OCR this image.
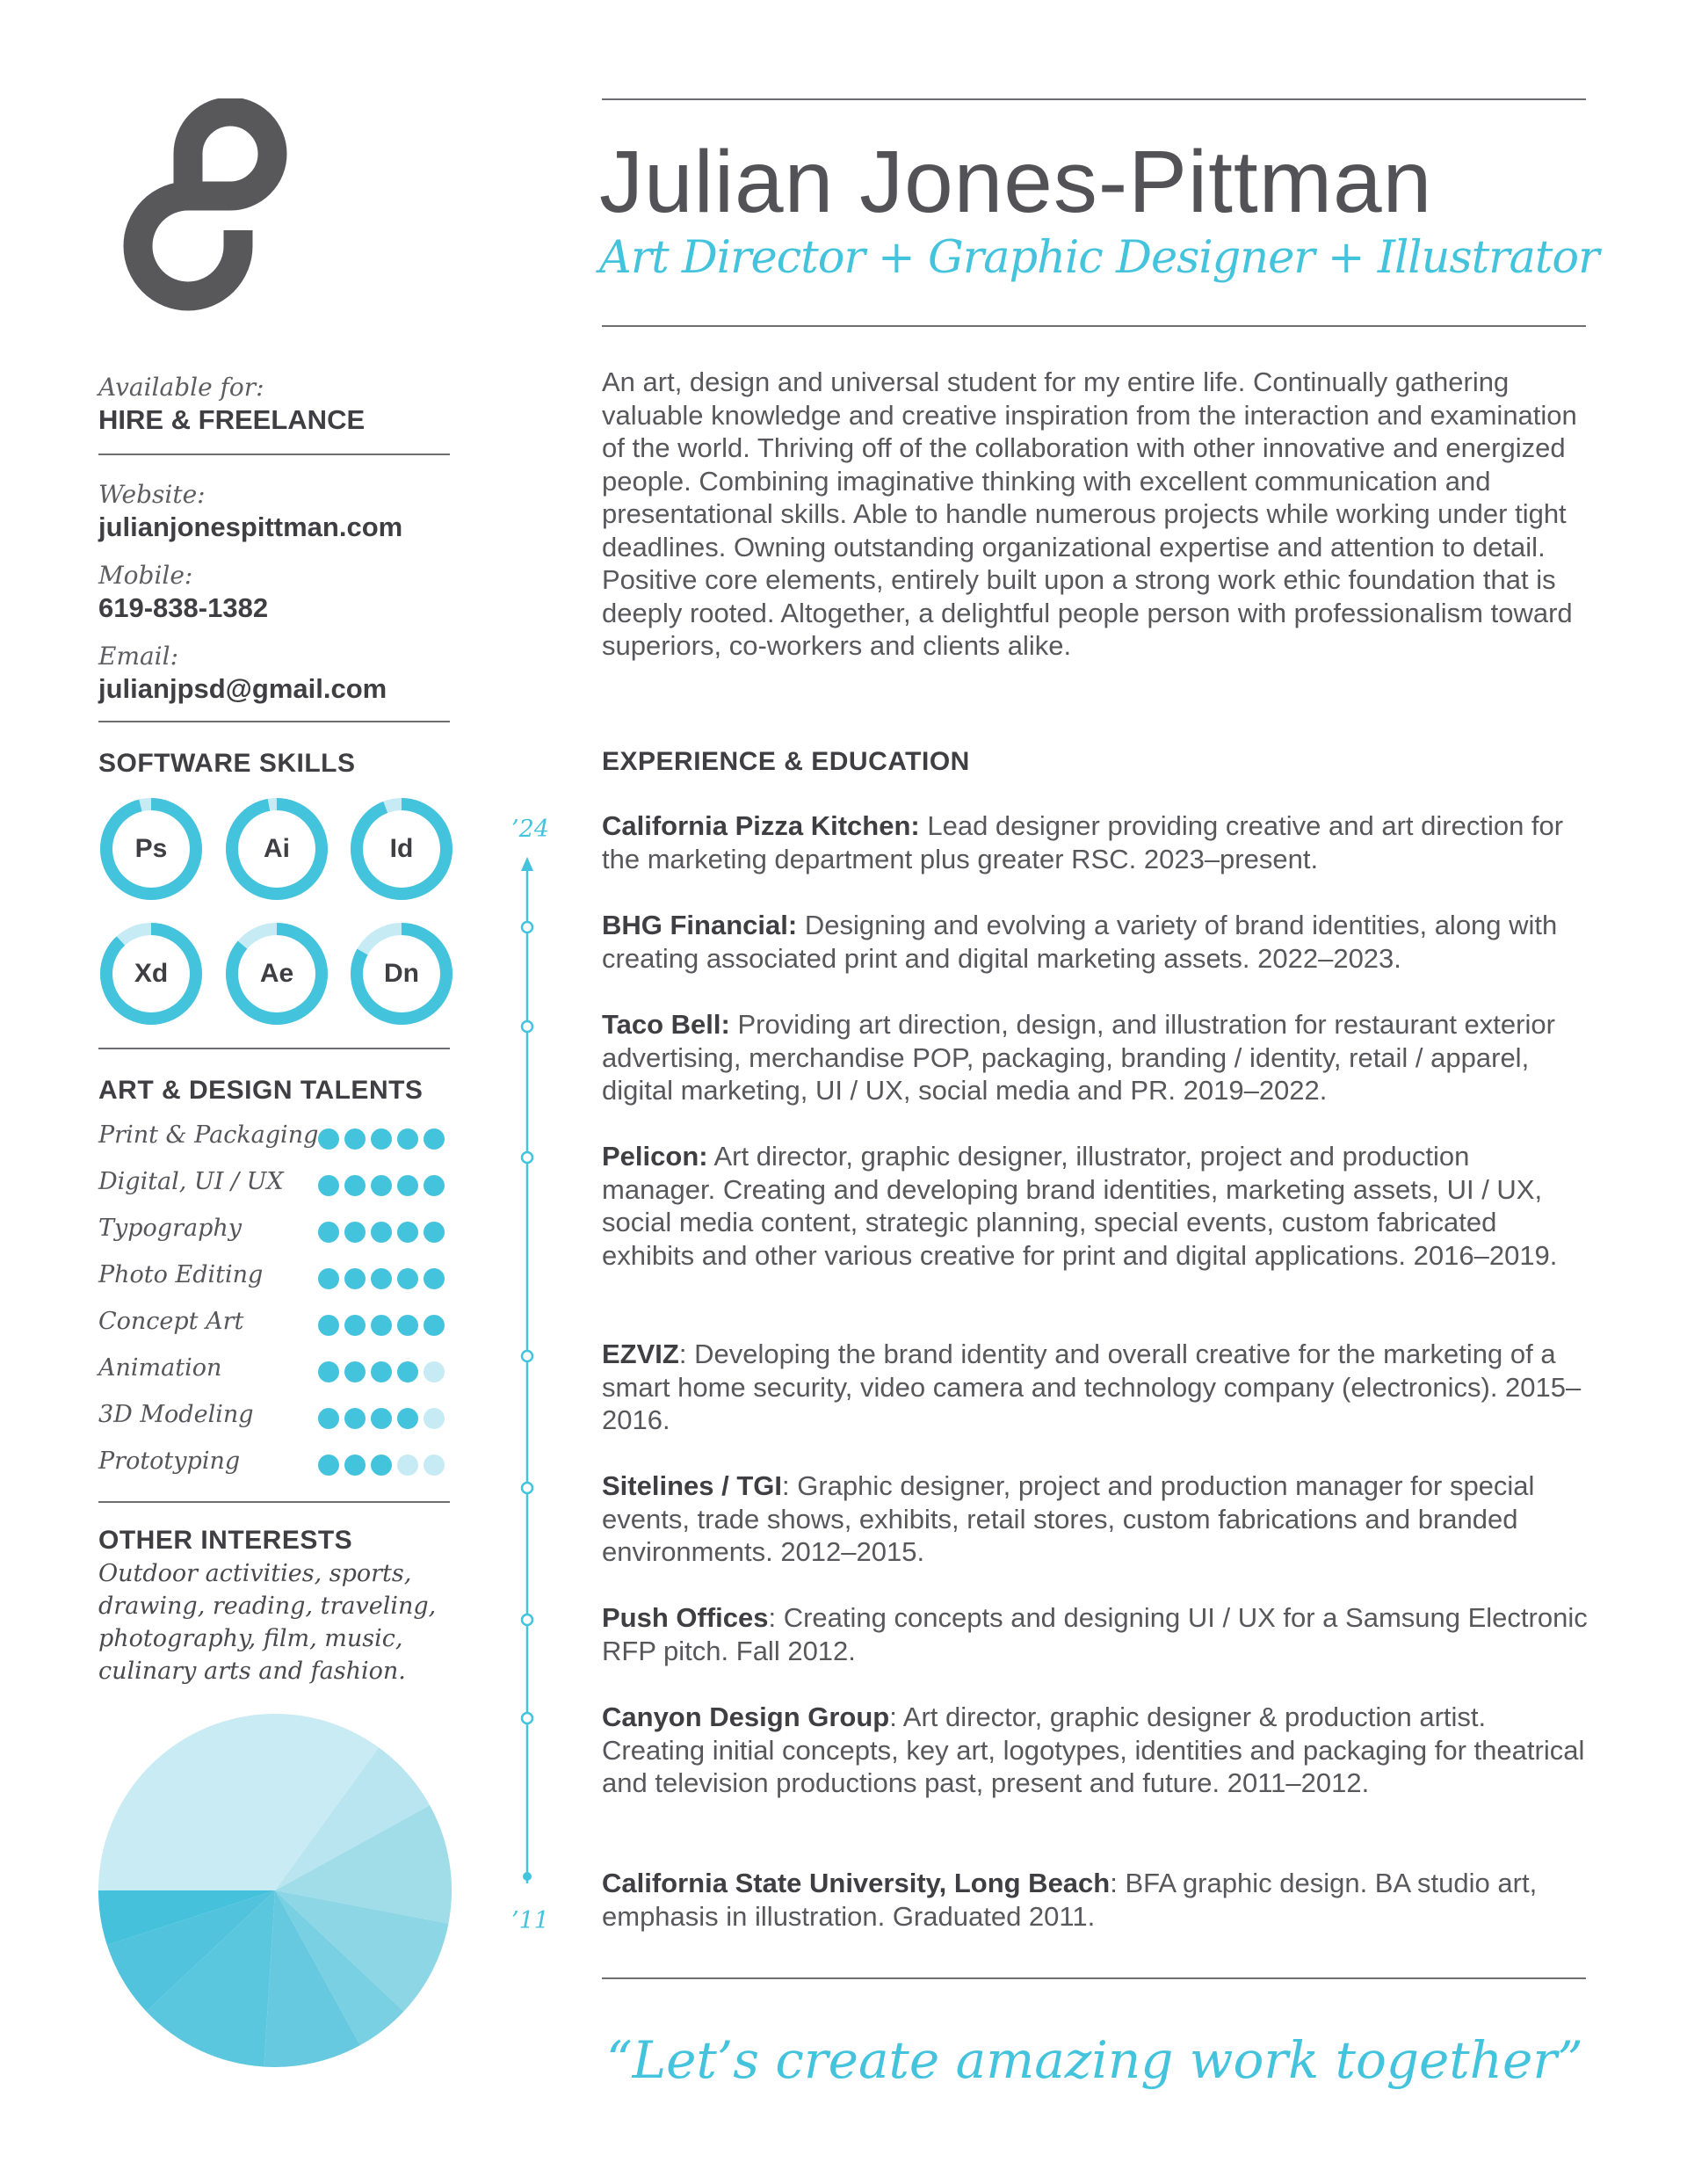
Available for:
HIRE & FREELANCE
Website:
julianjonespittman.com
Mobile:
619-838-1382
Email:
julianjpsd@gmail.com
SOFTWARE SKILLS
Ps	Ai	Id
Xd	Ae	Dn
ART & DESIGN TALENTS
Print & Packaging
Digital, UI / UX
Typography
Photo Editing
Concept Art
Animation
3D Modeling
Prototyping
OTHER INTERESTS
Outdoor activities, sports, drawing, reading, traveling, photography, film, music, culinary arts and fashion.
Julian Jones-Pittman
Art Director + Graphic Designer + Illustrator
An art, design and universal student for my entire life. Continually gathering valuable knowledge and creative inspiration from the interaction and examination of the world. Thriving off of the collaboration with other innovative and energized people. Combining imaginative thinking with excellent communication and presentational skills. Able to handle numerous projects while working under tight deadlines. Owning outstanding organizational expertise and attention to detail. Positive core elements, entirely built upon a strong work ethic foundation that is deeply rooted. Altogether, a delightful people person with professionalism toward superiors, co-workers and clients alike.
EXPERIENCE & EDUCATION
’24
’11
California Pizza Kitchen: Lead designer providing creative and art direction for the marketing department plus greater RSC. 2023–present.
BHG Financial: Designing and evolving a variety of brand identities, along with creating associated print and digital marketing assets. 2022–2023.
Taco Bell: Providing art direction, design, and illustration for restaurant exterior advertising, merchandise POP, packaging, branding / identity, retail / apparel, digital marketing, UI / UX, social media and PR. 2019–2022.
Pelicon: Art director, graphic designer, illustrator, project and production manager. Creating and developing brand identities, marketing assets, UI / UX, social media content, strategic planning, special events, custom fabricated exhibits and other various creative for print and digital applications. 2016–2019.
EZVIZ: Developing the brand identity and overall creative for the marketing of a smart home security, video camera and technology company (electronics). 2015–2016.
Sitelines / TGI: Graphic designer, project and production manager for special events, trade shows, exhibits, retail stores, custom fabrications and branded environments. 2012–2015.
Push Offices: Creating concepts and designing UI / UX for a Samsung Electronic RFP pitch. Fall 2012.
Canyon Design Group: Art director, graphic designer & production artist. Creating initial concepts, key art, logotypes, identities and packaging for theatrical and television productions past, present and future. 2011–2012.
California State University, Long Beach: BFA graphic design. BA studio art, emphasis in illustration. Graduated 2011.
“Let’s create amazing work together”
